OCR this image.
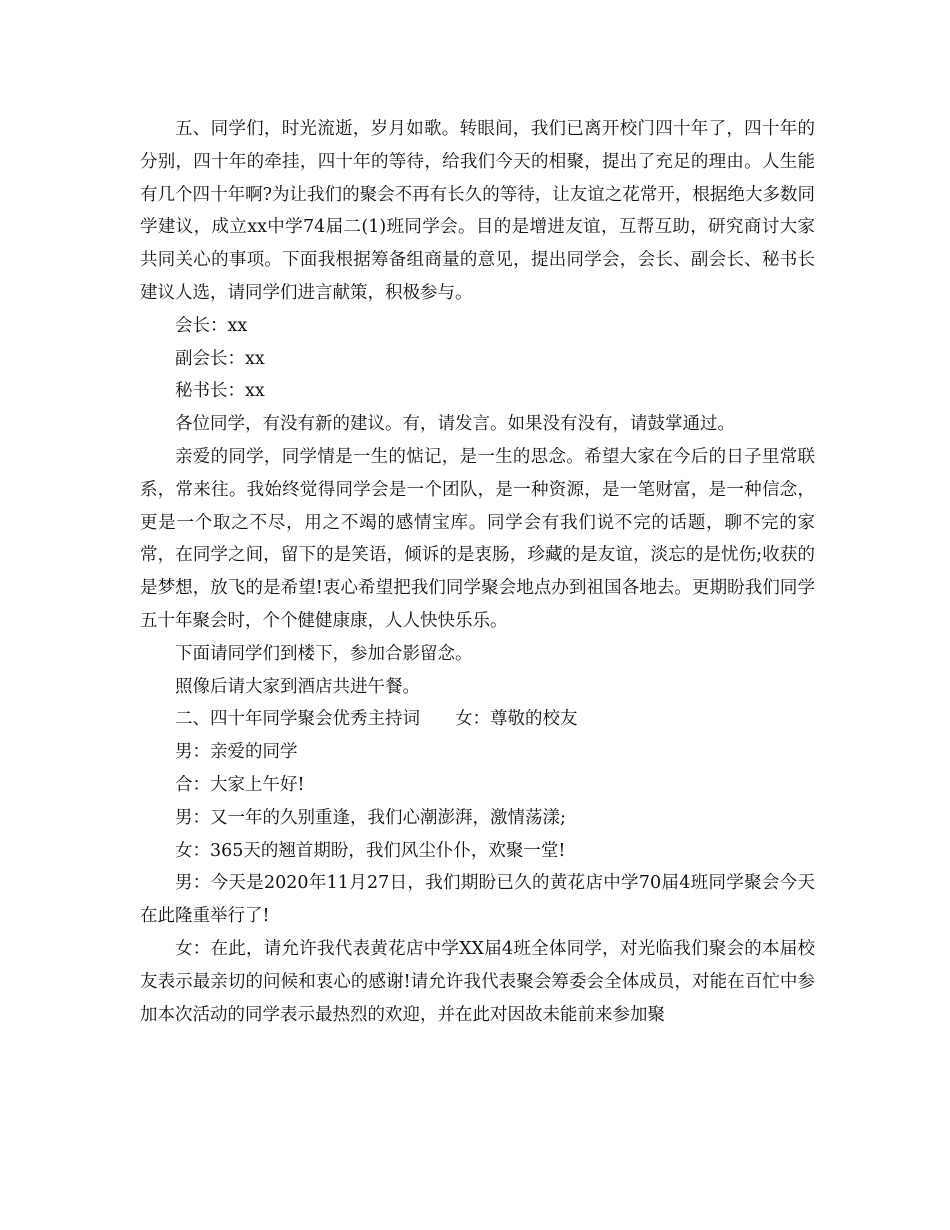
五、同学们，时光流逝，岁月如歌。转眼间，我们已离开校门四十年了，四十年的分别，四十年的牵挂，四十年的等待，给我们今天的相聚，提出了充足的理由。人生能有几个四十年啊?为让我们的聚会不再有长久的等待，让友谊之花常开，根据绝大多数同学建议，成立xx中学74届二(1)班同学会。目的是增进友谊，互帮互助，研究商讨大家共同关心的事项。下面我根据筹备组商量的意见，提出同学会，会长、副会长、秘书长建议人选，请同学们进言献策，积极参与。

会长：xx

副会长：xx

秘书长：xx

各位同学，有没有新的建议。有，请发言。如果没有没有，请鼓掌通过。

亲爱的同学，同学情是一生的惦记，是一生的思念。希望大家在今后的日子里常联系，常来往。我始终觉得同学会是一个团队，是一种资源，是一笔财富，是一种信念，更是一个取之不尽，用之不竭的感情宝库。同学会有我们说不完的话题，聊不完的家常，在同学之间，留下的是笑语，倾诉的是衷肠，珍藏的是友谊，淡忘的是忧伤;收获的是梦想，放飞的是希望!衷心希望把我们同学聚会地点办到祖国各地去。更期盼我们同学五十年聚会时，个个健健康康，人人快快乐乐。

下面请同学们到楼下，参加合影留念。

照像后请大家到酒店共进午餐。

二、四十年同学聚会优秀主持词　　女：尊敬的校友

男：亲爱的同学

合：大家上午好!

男：又一年的久别重逢，我们心潮澎湃，激情荡漾;

女：365天的翘首期盼，我们风尘仆仆，欢聚一堂!

男：今天是2020年11月27日，我们期盼已久的黄花店中学70届4班同学聚会今天在此隆重举行了!

女：在此，请允许我代表黄花店中学XX届4班全体同学，对光临我们聚会的本届校友表示最亲切的问候和衷心的感谢!请允许我代表聚会筹委会全体成员，对能在百忙中参加本次活动的同学表示最热烈的欢迎，并在此对因故未能前来参加聚
